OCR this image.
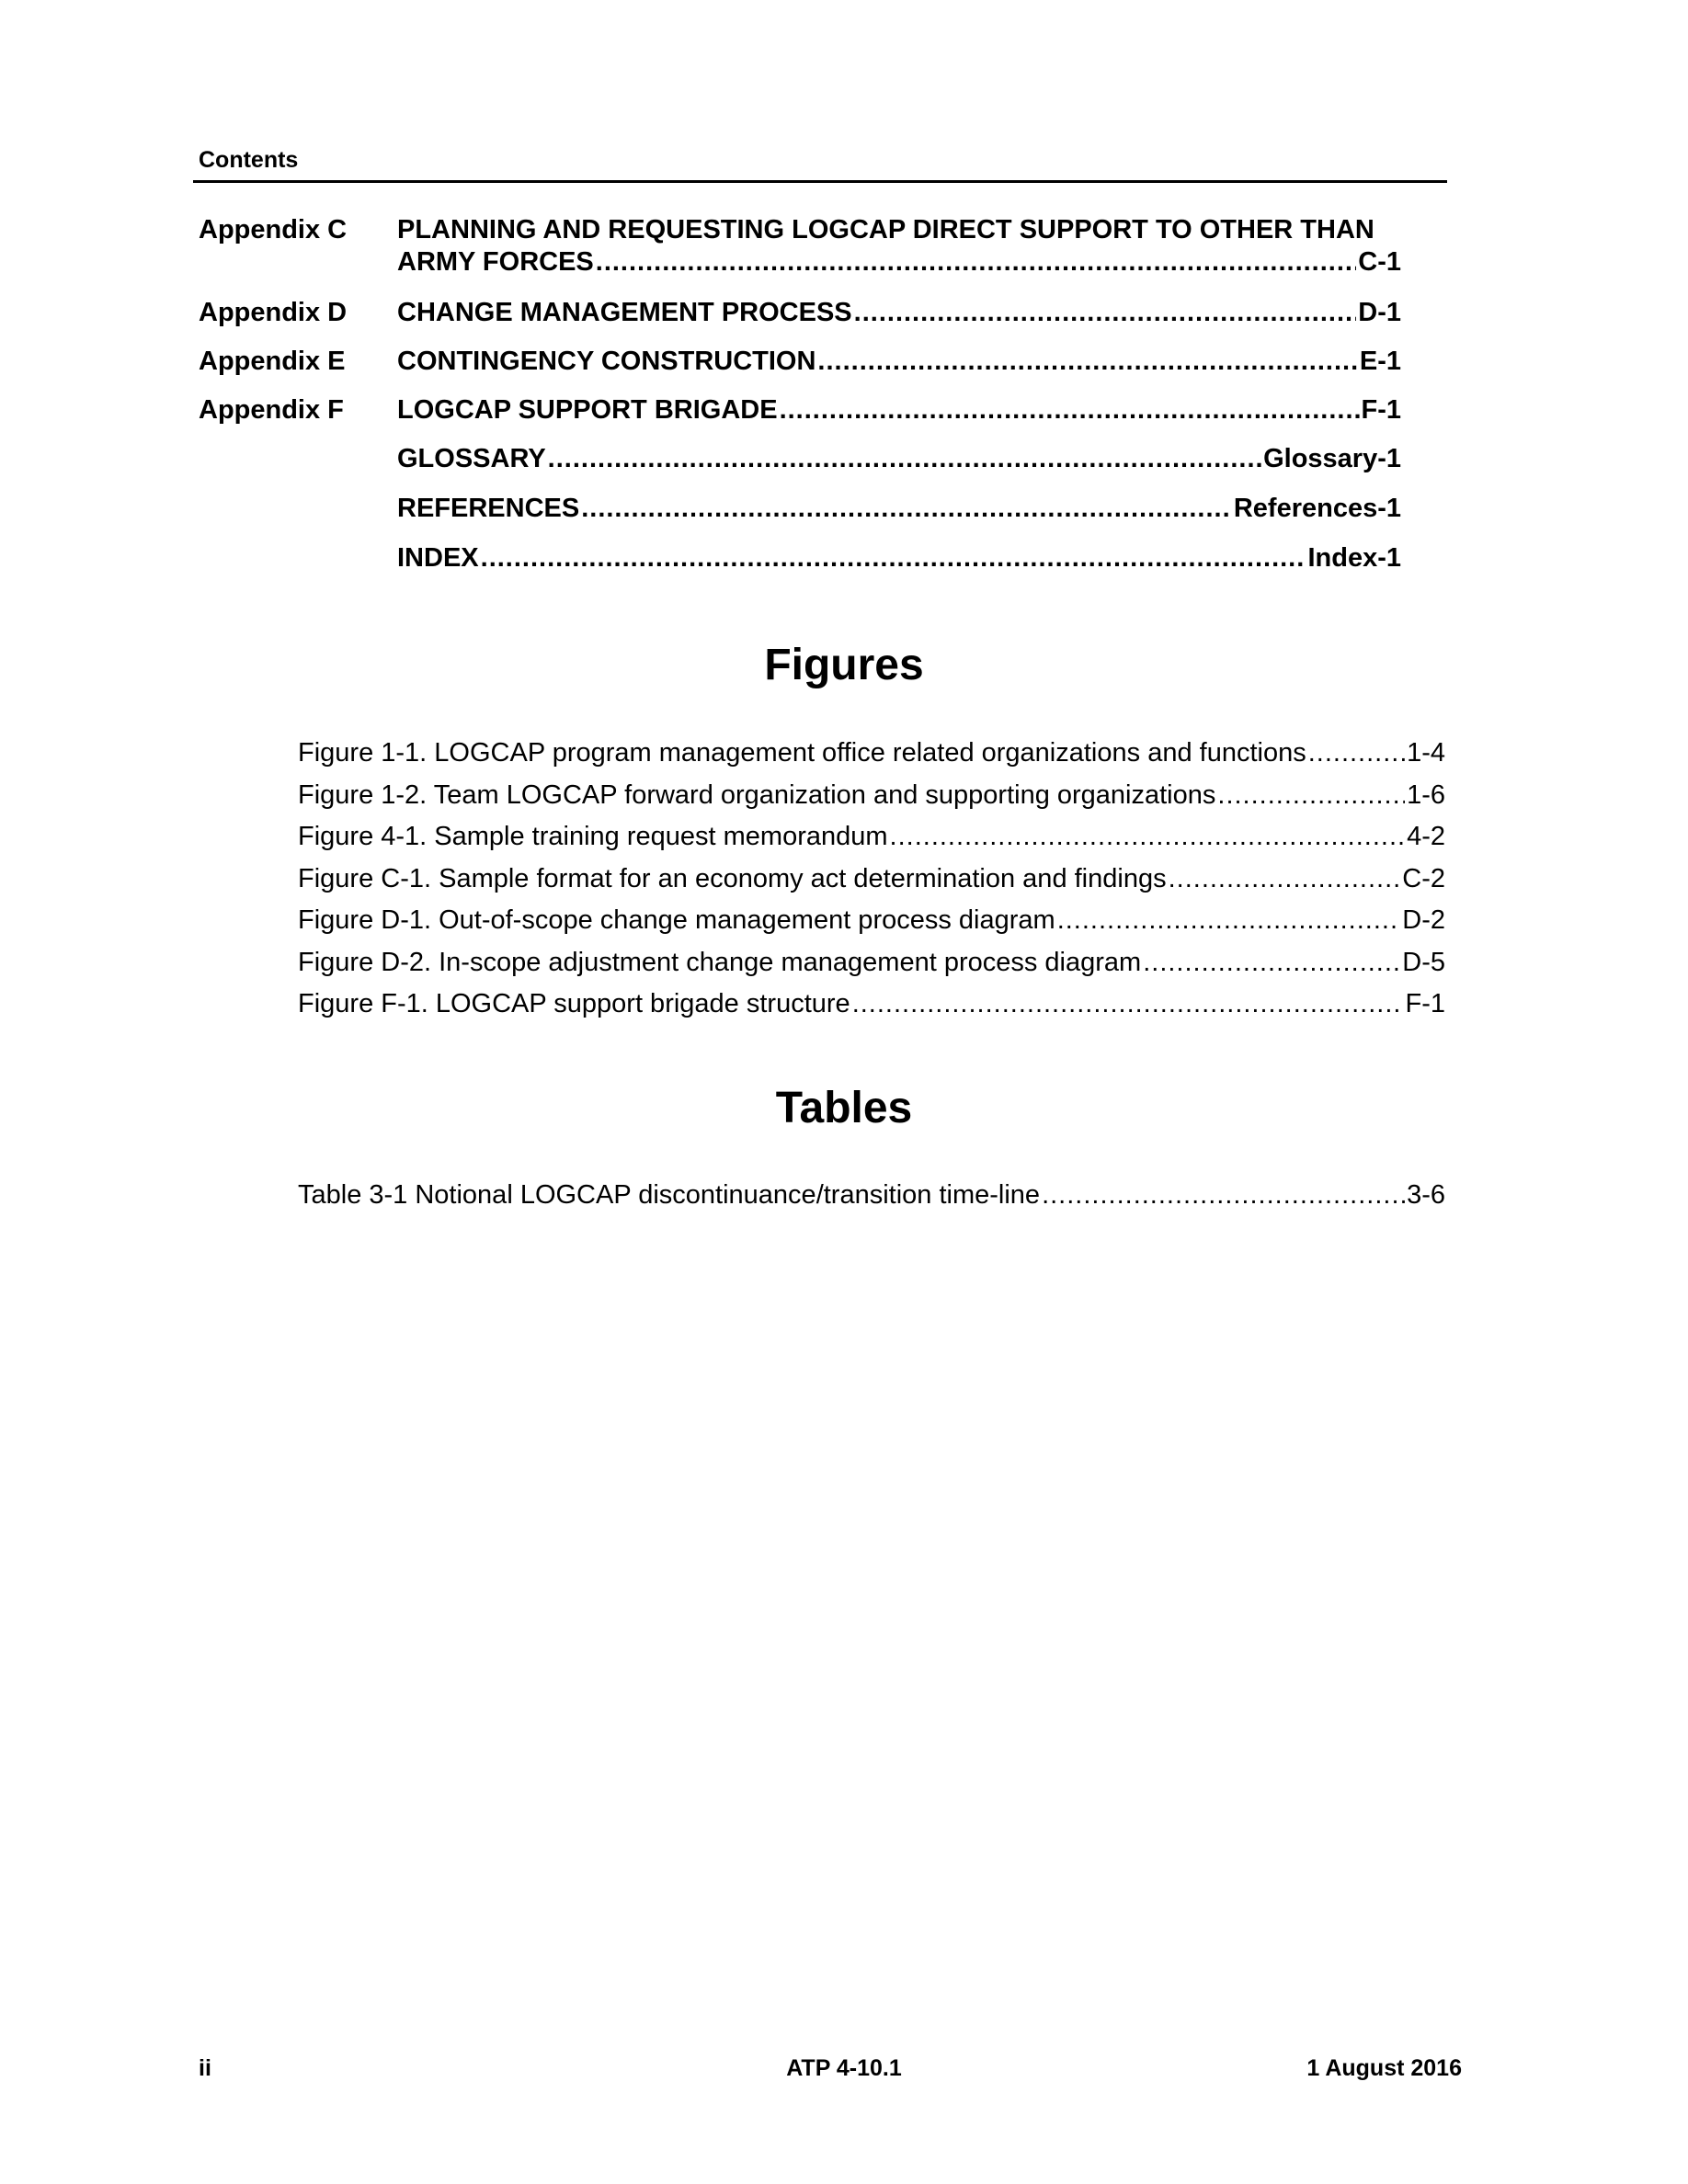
Contents
Appendix C PLANNING AND REQUESTING LOGCAP DIRECT SUPPORT TO OTHER THAN
ARMY FORCES .....	C-1
Appendix D CHANGE MANAGEMENT PROCESS .....	D-1
Appendix E CONTINGENCY CONSTRUCTION .....	E-1
Appendix F LOGCAP SUPPORT BRIGADE .....	F-1
GLOSSARY .....	Glossary-1
REFERENCES .....	References-1
INDEX .....	Index-1
Figures
Figure 1-1. LOGCAP program management office related organizations and functions .....	1-4
Figure 1-2. Team LOGCAP forward organization and supporting organizations .....	1-6
Figure 4-1. Sample training request memorandum .....	4-2
Figure C-1. Sample format for an economy act determination and findings .....	C-2
Figure D-1. Out-of-scope change management process diagram .....	D-2
Figure D-2. In-scope adjustment change management process diagram .....	D-5
Figure F-1. LOGCAP support brigade structure .....	F-1
Tables
Table 3-1 Notional LOGCAP discontinuance/transition time-line .....	3-6
ii	ATP 4-10.1	1 August 2016
